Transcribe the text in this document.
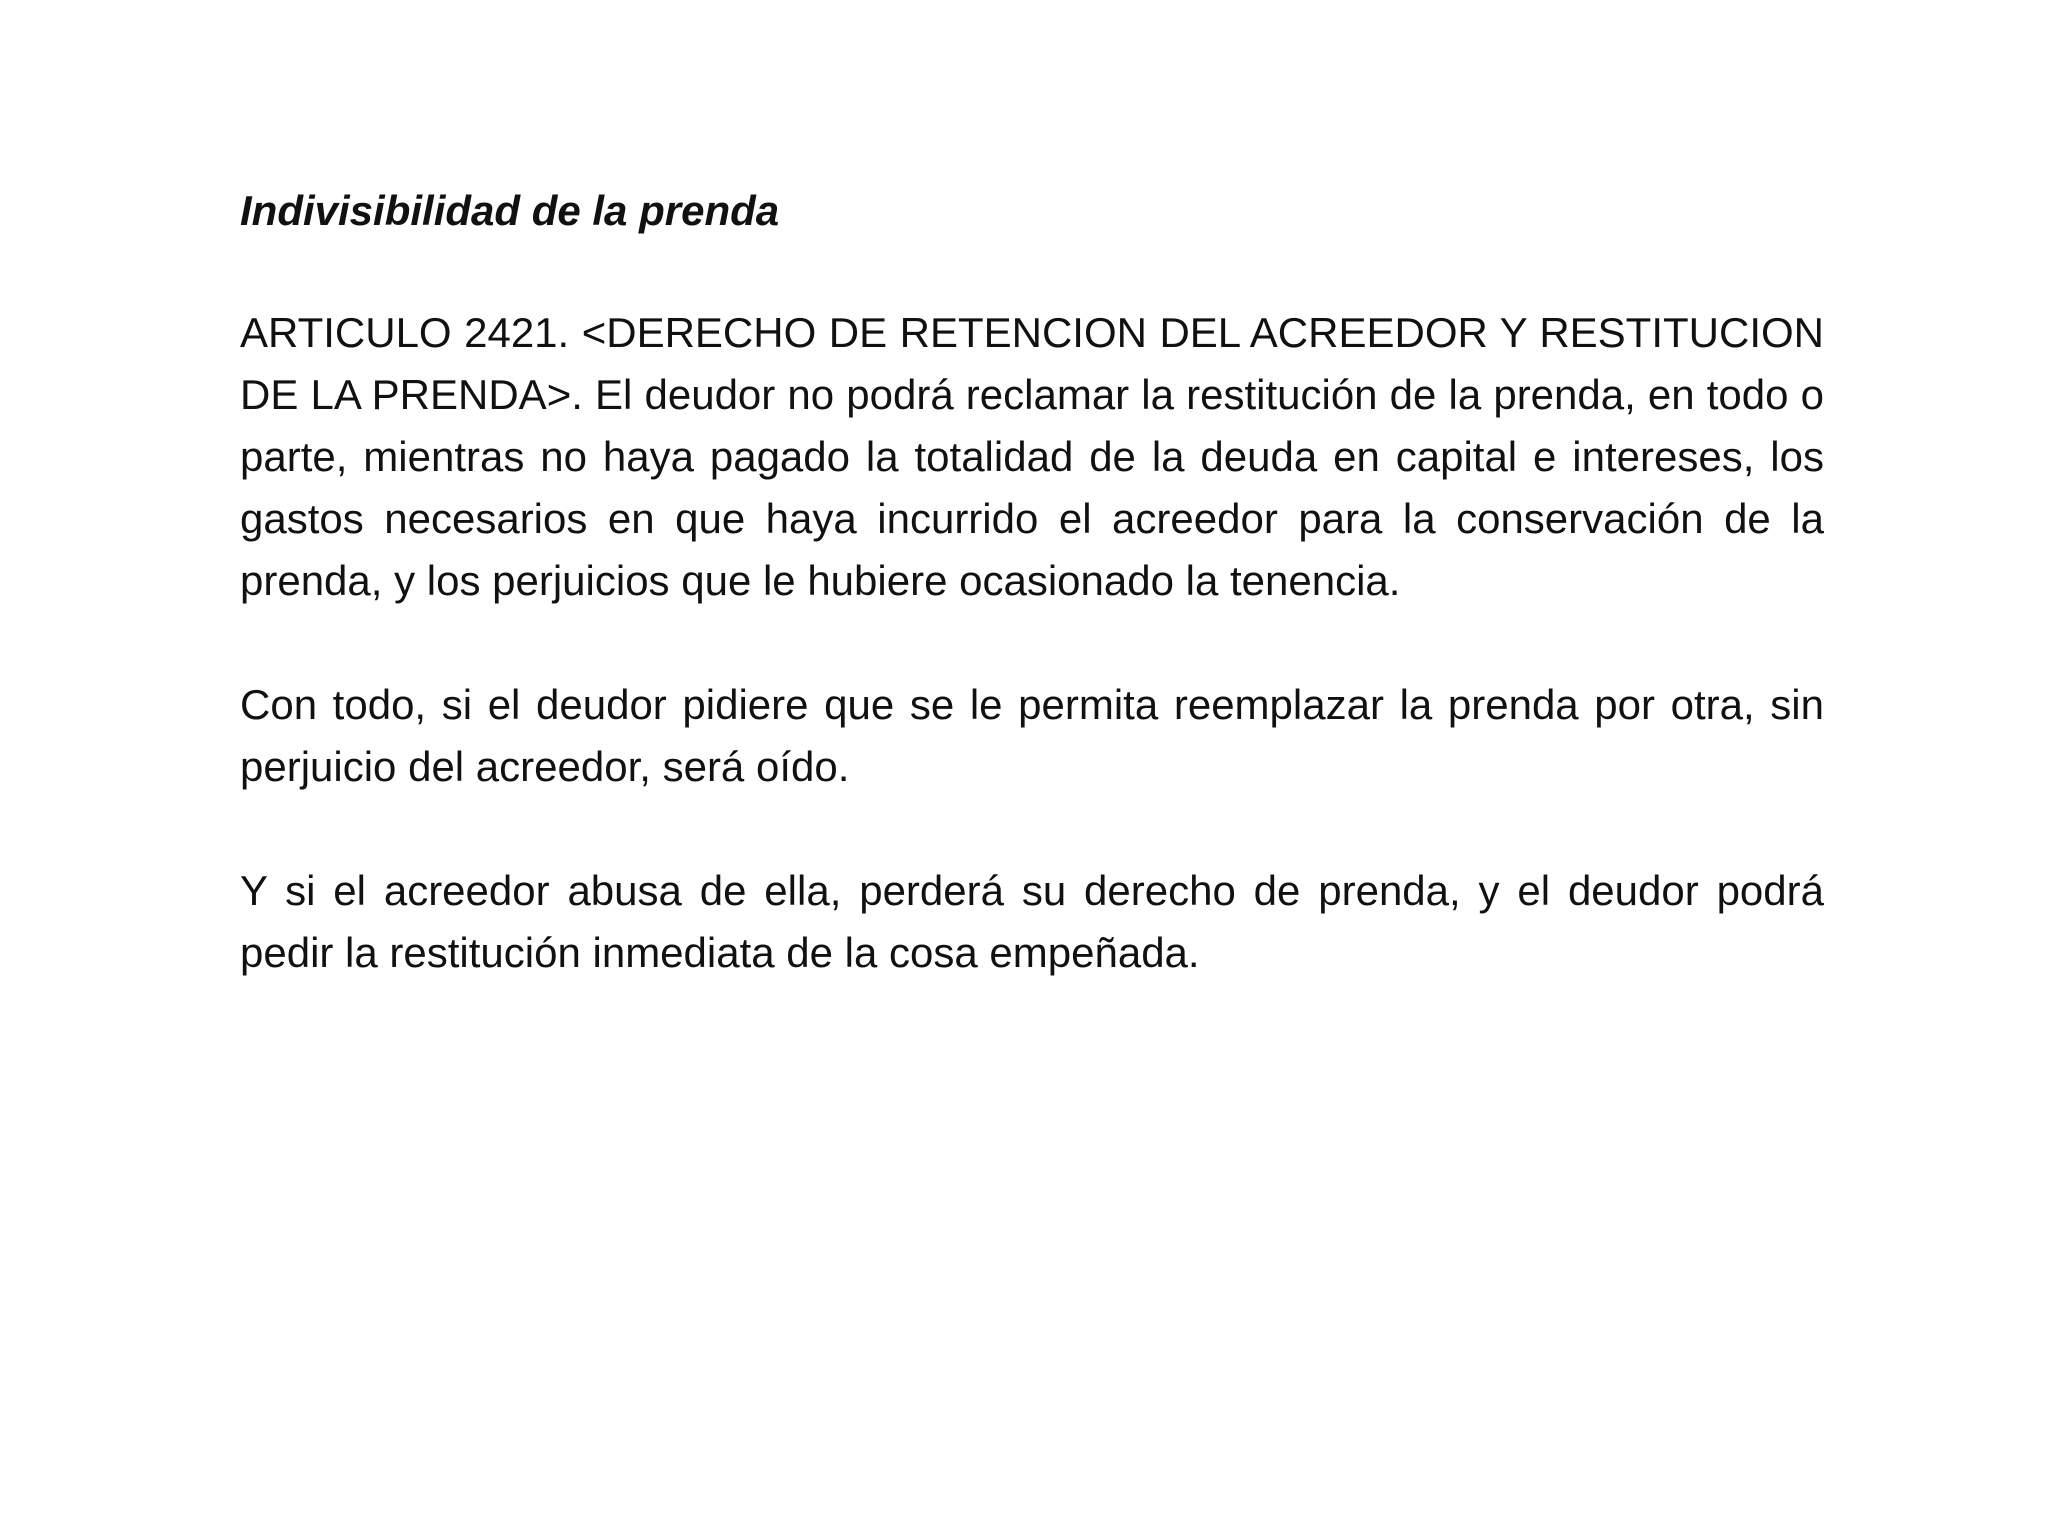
Indivisibilidad de la prenda

ARTICULO 2421. <DERECHO DE RETENCION DEL ACREEDOR Y RESTITUCION DE LA PRENDA>. El deudor no podrá reclamar la restitución de la prenda, en todo o parte, mientras no haya pagado la totalidad de la deuda en capital e intereses, los gastos necesarios en que haya incurrido el acreedor para la conservación de la prenda, y los perjuicios que le hubiere ocasionado la tenencia.

Con todo, si el deudor pidiere que se le permita reemplazar la prenda por otra, sin perjuicio del acreedor, será oído.

Y si el acreedor abusa de ella, perderá su derecho de prenda, y el deudor podrá pedir la restitución inmediata de la cosa empeñada.
